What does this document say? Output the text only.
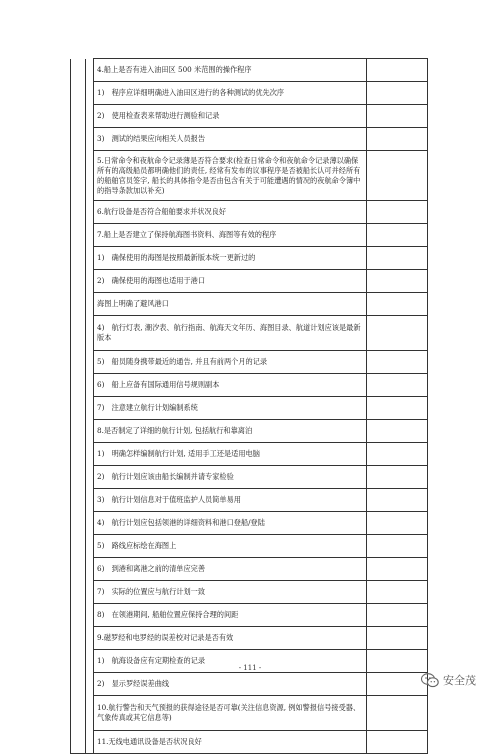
		4.船上是否有进入油田区 500 米范围的操作程序	
		1)　程序应详细明确进入油田区进行的各种测试的优先次序	
		2)　使用检查表来帮助进行测验和记录	
		3)　测试的结果应向相关人员报告	
		5.日常命令和夜航命令记录薄是否符合要求(检查日常命令和夜航命令记录薄以确保所有的高级船员都明确他们的责任, 经常有发布的议事程序是否被船长认可并经所有的船舶官员签字, 船长的具体指令是否由包含有关于可能遭遇的情况的夜航命令簿中的指导条款加以补充)	
		6.航行设备是否符合船舶要求并状况良好	
		7.船上是否建立了保持航海图书资料、海图等有效的程序	
		1)　确保使用的海图是按照最新版本统一更新过的	
		2)　确保使用的海图也适用于港口	
		海图上明确了避风港口	
		4)　航行灯表, 潮汐表、航行指南、航海天文年历、海图目录、航道计划应该是最新版本	
		5)　船员随身携带最近的通告, 并且有前两个月的记录	
		6)　船上应备有国际通用信号规则副本	
		7)　注意建立航行计划编制系统	
		8.是否制定了详细的航行计划, 包括航行和靠离泊	
		1)　明确怎样编制航行计划, 适用手工还是适用电脑	
		2)　航行计划应该由船长编制并请专家检验	
		3)　航行计划信息对于值班监护人员简单易用	
		4)　航行计划应包括领港的详细资料和港口登船/登陆	
		5)　路线应标绘在海图上	
		6)　到港和离港之前的清单应完善	
		7)　实际的位置应与航行计划一致	
		8)　在领港期间, 船舶位置应保持合理的间距	
		9.磁罗经和电罗经的误差校对记录是否有效	
		1)　航海设备应有定期检查的记录	
		2)　显示罗经误差曲线	
		10.航行警告和天气预报的获得途径是否可靠(关注信息资源, 例如警报信号接受器、气象传真或其它信息等)	
		11.无线电通讯设备是否状况良好	
- 111 -
安全茂
